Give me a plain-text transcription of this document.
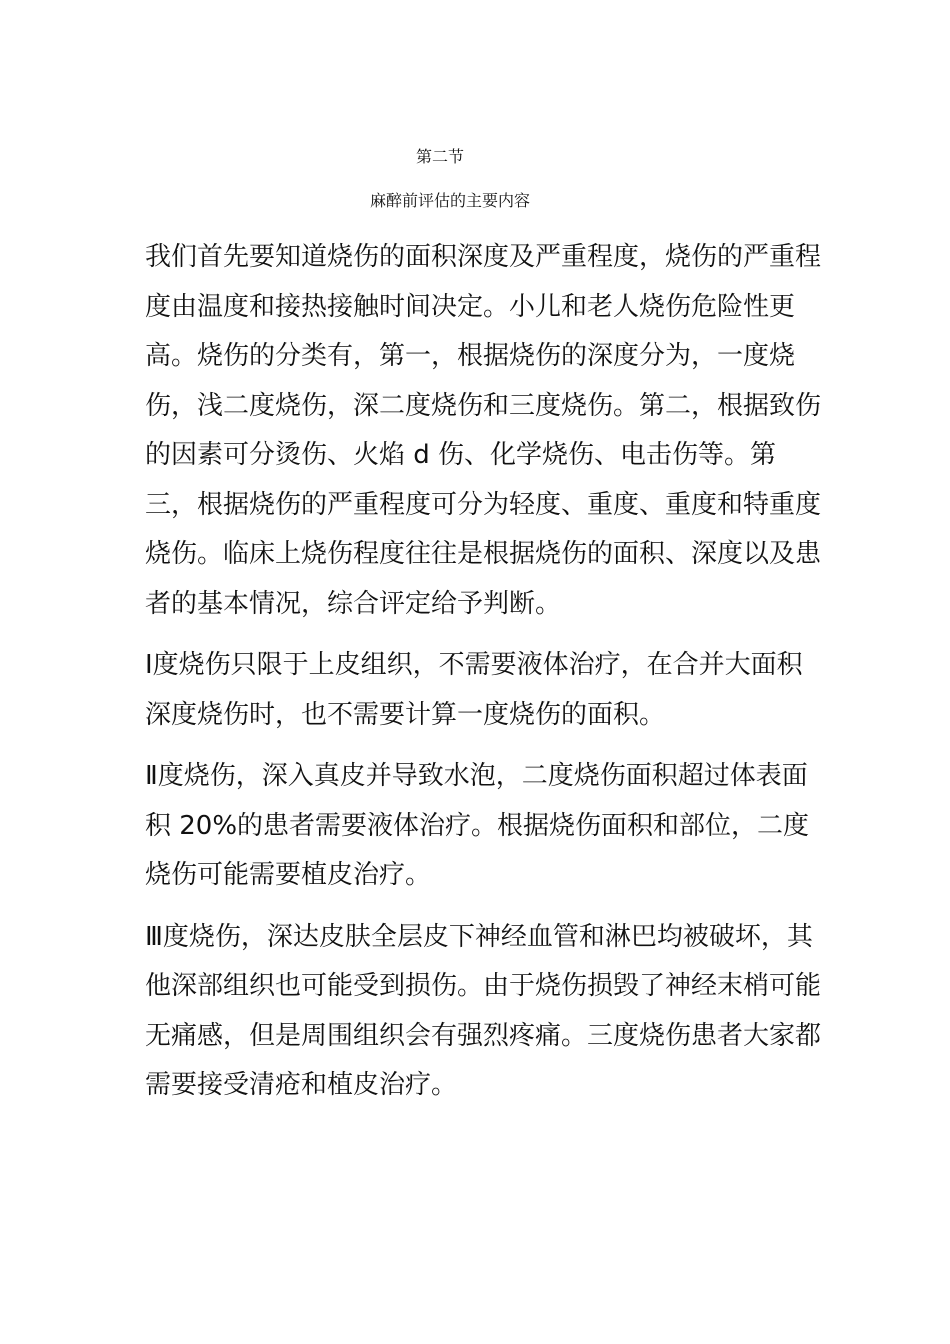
第二节
麻醉前评估的主要内容

我们首先要知道烧伤的面积深度及严重程度，烧伤的严重程度由温度和接热接触时间决定。小儿和老人烧伤危险性更高。烧伤的分类有，第一，根据烧伤的深度分为，一度烧伤，浅二度烧伤，深二度烧伤和三度烧伤。第二，根据致伤的因素可分烫伤、火焰 d 伤、化学烧伤、电击伤等。第三，根据烧伤的严重程度可分为轻度、重度、重度和特重度烧伤。临床上烧伤程度往往是根据烧伤的面积、深度以及患者的基本情况，综合评定给予判断。

Ⅰ度烧伤只限于上皮组织，不需要液体治疗，在合并大面积深度烧伤时，也不需要计算一度烧伤的面积。

Ⅱ度烧伤，深入真皮并导致水泡，二度烧伤面积超过体表面积 20%的患者需要液体治疗。根据烧伤面积和部位，二度烧伤可能需要植皮治疗。

Ⅲ度烧伤，深达皮肤全层皮下神经血管和淋巴均被破坏，其他深部组织也可能受到损伤。由于烧伤损毁了神经末梢可能无痛感，但是周围组织会有强烈疼痛。三度烧伤患者大家都需要接受清疮和植皮治疗。
